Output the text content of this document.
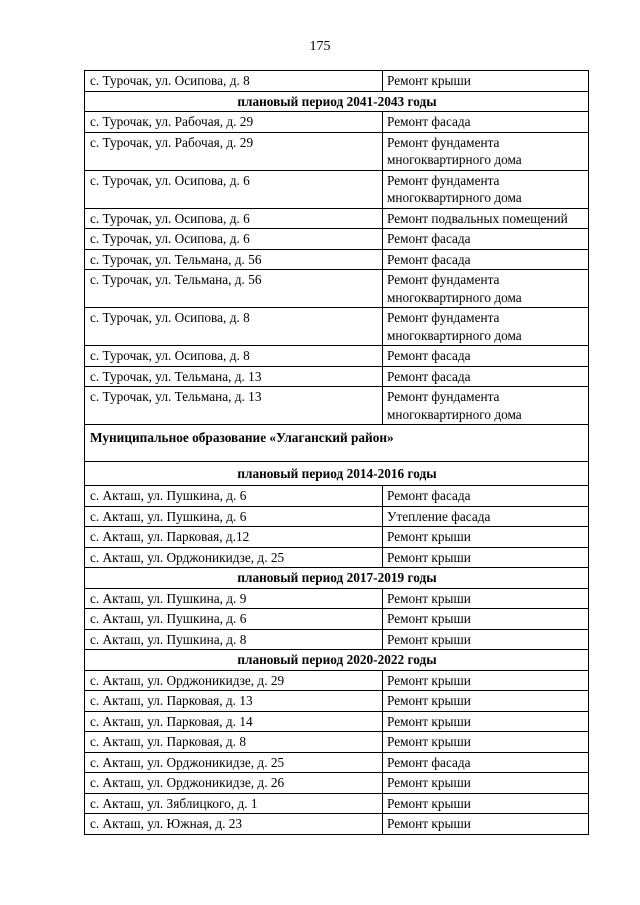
175
с. Турочак, ул. Осипова, д. 8	Ремонт крыши
плановый период 2041-2043 годы	
с. Турочак, ул. Рабочая, д. 29	Ремонт фасада
с. Турочак, ул. Рабочая, д. 29	Ремонт фундамента многоквартирного дома
с. Турочак, ул. Осипова, д. 6	Ремонт фундамента многоквартирного дома
с. Турочак, ул. Осипова, д. 6	Ремонт подвальных помещений
с. Турочак, ул. Осипова, д. 6	Ремонт фасада
с. Турочак, ул. Тельмана, д. 56	Ремонт фасада
с. Турочак, ул. Тельмана, д. 56	Ремонт фундамента многоквартирного дома
с. Турочак, ул. Осипова, д. 8	Ремонт фундамента многоквартирного дома
с. Турочак, ул. Осипова, д. 8	Ремонт фасада
с. Турочак, ул. Тельмана, д. 13	Ремонт фасада
с. Турочак, ул. Тельмана, д. 13	Ремонт фундамента многоквартирного дома
Муниципальное образование «Улаганский район»	
плановый период 2014-2016 годы	
с. Акташ, ул. Пушкина, д. 6	Ремонт фасада
с. Акташ, ул. Пушкина, д. 6	Утепление фасада
с. Акташ, ул. Парковая, д.12	Ремонт крыши
с. Акташ, ул. Орджоникидзе, д. 25	Ремонт крыши
плановый период 2017-2019 годы	
с. Акташ, ул. Пушкина, д. 9	Ремонт крыши
с. Акташ, ул. Пушкина, д. 6	Ремонт крыши
с. Акташ, ул. Пушкина, д. 8	Ремонт крыши
плановый период 2020-2022 годы	
с. Акташ, ул. Орджоникидзе, д. 29	Ремонт крыши
с. Акташ, ул. Парковая, д. 13	Ремонт крыши
с. Акташ, ул. Парковая, д. 14	Ремонт крыши
с. Акташ, ул. Парковая, д. 8	Ремонт крыши
с. Акташ, ул. Орджоникидзе, д. 25	Ремонт фасада
с. Акташ, ул. Орджоникидзе, д. 26	Ремонт крыши
с. Акташ, ул. Зяблицкого, д. 1	Ремонт крыши
с. Акташ, ул. Южная, д. 23	Ремонт крыши
